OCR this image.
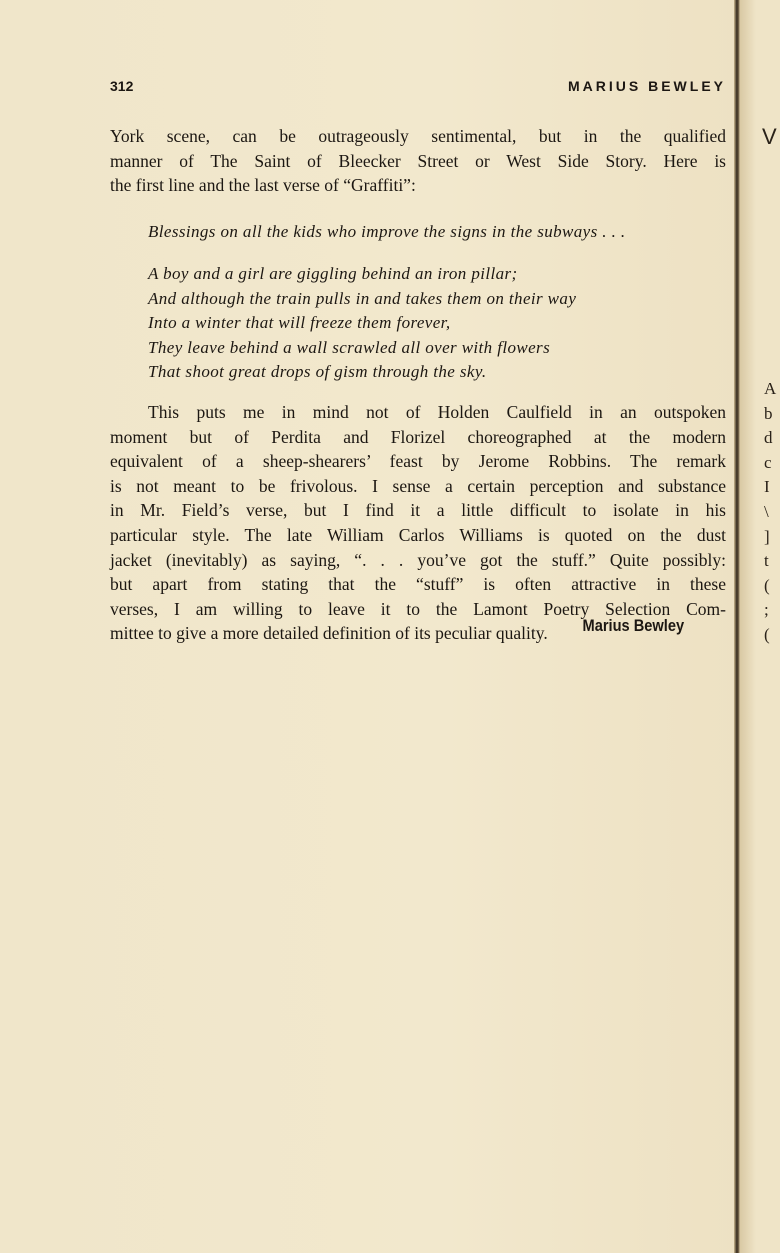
312	MARIUS BEWLEY
York scene, can be outrageously sentimental, but in the qualified
manner of The Saint of Bleecker Street or West Side Story. Here is
the first line and the last verse of “Graffiti”:
Blessings on all the kids who improve the signs in the subways . . .
A boy and a girl are giggling behind an iron pillar;
And although the train pulls in and takes them on their way
Into a winter that will freeze them forever,
They leave behind a wall scrawled all over with flowers
That shoot great drops of gism through the sky.
This puts me in mind not of Holden Caulfield in an outspoken
moment but of Perdita and Florizel choreographed at the modern
equivalent of a sheep-shearers’ feast by Jerome Robbins. The remark
is not meant to be frivolous. I sense a certain perception and substance
in Mr. Field’s verse, but I find it a little difficult to isolate in his
particular style. The late William Carlos Williams is quoted on the dust
jacket (inevitably) as saying, “. . . you’ve got the stuff.” Quite possibly:
but apart from stating that the “stuff” is often attractive in these
verses, I am willing to leave it to the Lamont Poetry Selection Com-
mittee to give a more detailed definition of its peculiar quality.	Marius Bewley
V
A
b
d
c
I
\
]
t
(
;
(
